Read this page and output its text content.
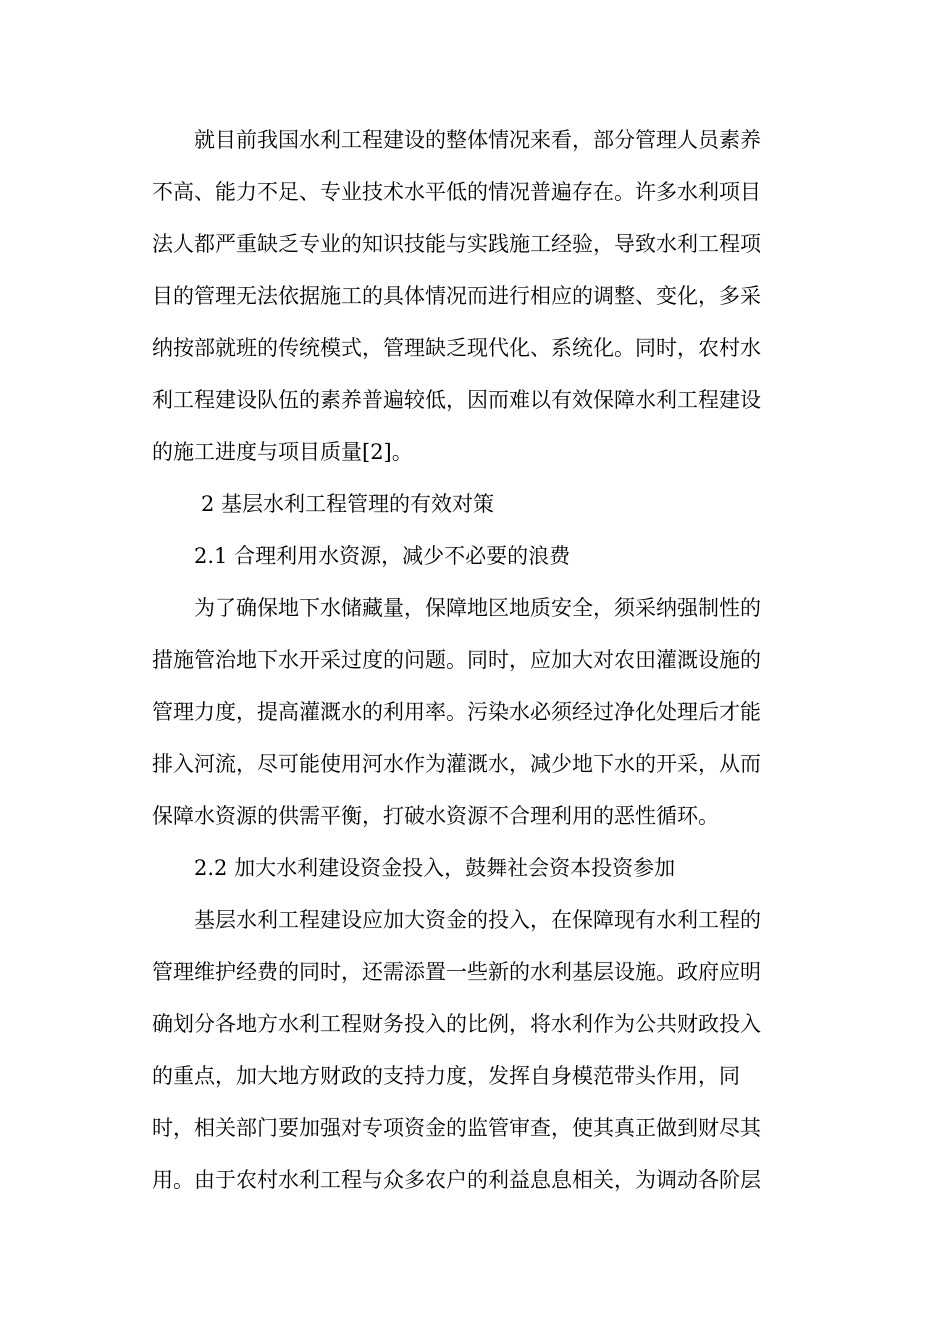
就目前我国水利工程建设的整体情况来看，部分管理人员素养
不高、能力不足、专业技术水平低的情况普遍存在。许多水利项目
法人都严重缺乏专业的知识技能与实践施工经验，导致水利工程项
目的管理无法依据施工的具体情况而进行相应的调整、变化，多采
纳按部就班的传统模式，管理缺乏现代化、系统化。同时，农村水
利工程建设队伍的素养普遍较低，因而难以有效保障水利工程建设
的施工进度与项目质量[2]。
2 基层水利工程管理的有效对策
2.1 合理利用水资源，减少不必要的浪费
为了确保地下水储藏量，保障地区地质安全，须采纳强制性的
措施管治地下水开采过度的问题。同时，应加大对农田灌溉设施的
管理力度，提高灌溉水的利用率。污染水必须经过净化处理后才能
排入河流，尽可能使用河水作为灌溉水，减少地下水的开采，从而
保障水资源的供需平衡，打破水资源不合理利用的恶性循环。
2.2 加大水利建设资金投入，鼓舞社会资本投资参加
基层水利工程建设应加大资金的投入，在保障现有水利工程的
管理维护经费的同时，还需添置一些新的水利基层设施。政府应明
确划分各地方水利工程财务投入的比例，将水利作为公共财政投入
的重点，加大地方财政的支持力度，发挥自身模范带头作用，同
时，相关部门要加强对专项资金的监管审查，使其真正做到财尽其
用。由于农村水利工程与众多农户的利益息息相关，为调动各阶层
